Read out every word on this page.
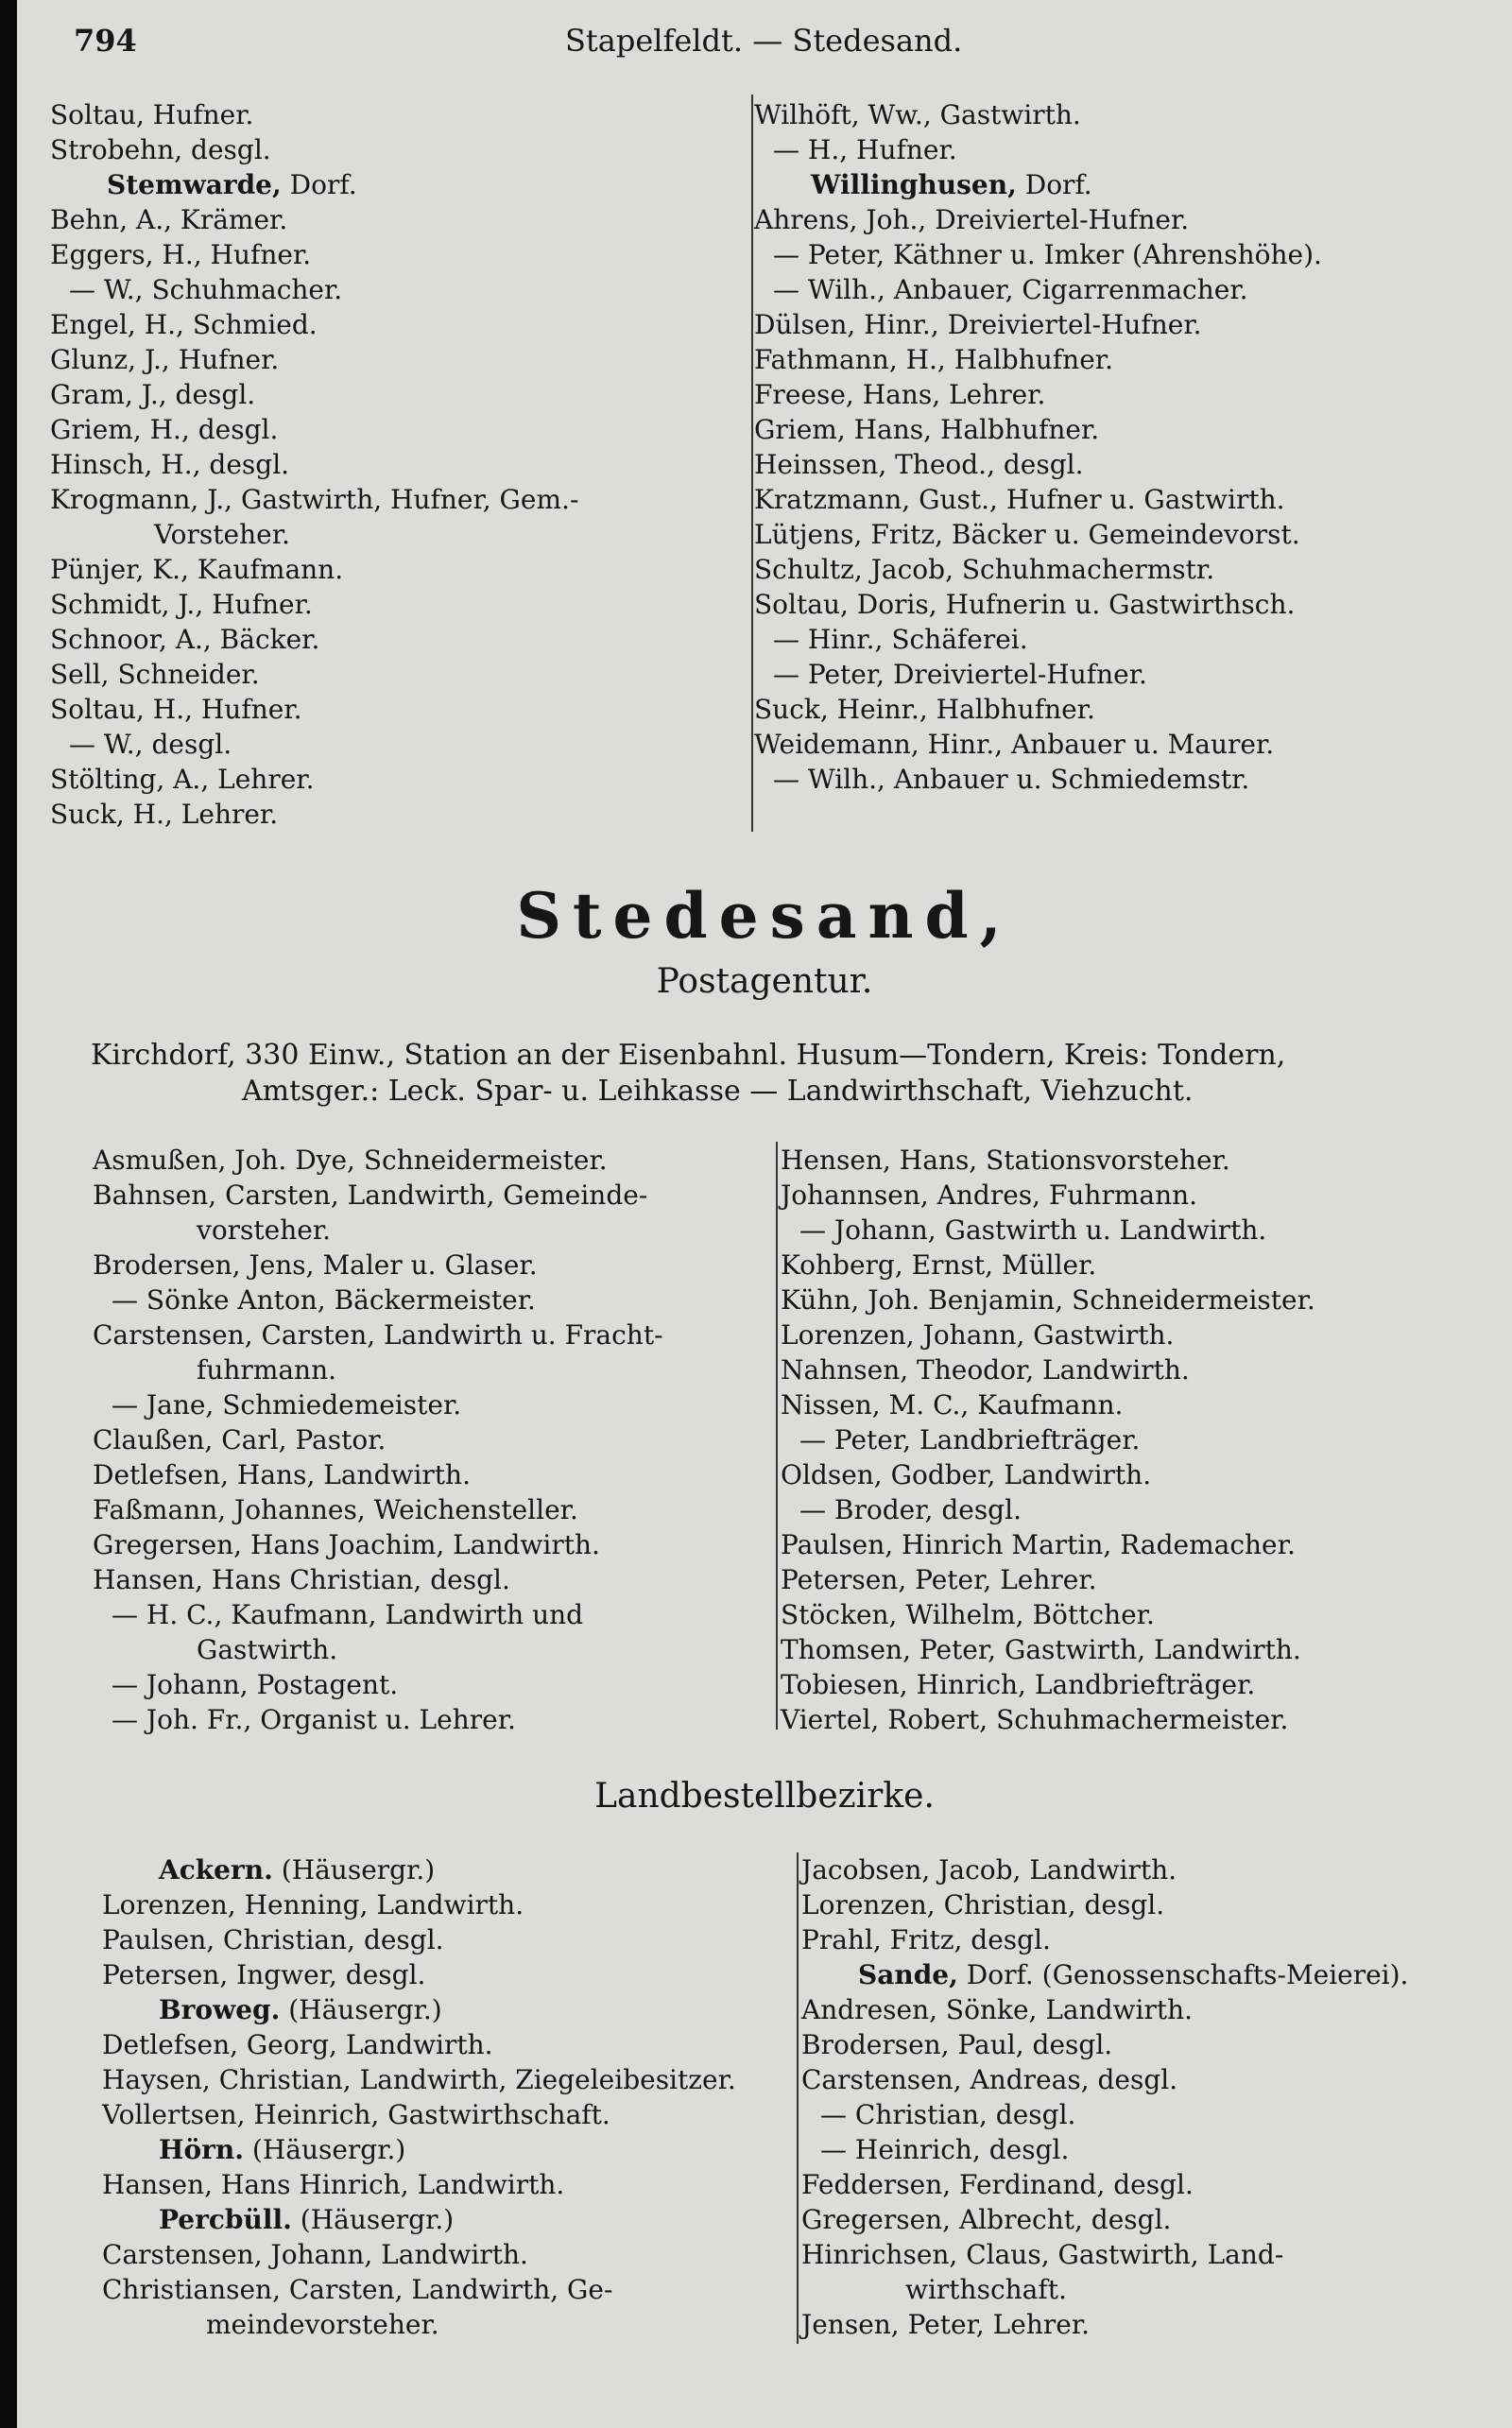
794	Stapelfeldt. — Stedesand.
Soltau, Hufner.
Strobehn, desgl.
Stemwarde, Dorf.
Behn, A., Krämer.
Eggers, H., Hufner.
— W., Schuhmacher.
Engel, H., Schmied.
Glunz, J., Hufner.
Gram, J., desgl.
Griem, H., desgl.
Hinsch, H., desgl.
Krogmann, J., Gastwirth, Hufner, Gem.-
Vorsteher.
Pünjer, K., Kaufmann.
Schmidt, J., Hufner.
Schnoor, A., Bäcker.
Sell, Schneider.
Soltau, H., Hufner.
— W., desgl.
Stölting, A., Lehrer.
Suck, H., Lehrer.
Wilhöft, Ww., Gastwirth.
— H., Hufner.
Willinghusen, Dorf.
Ahrens, Joh., Dreiviertel-Hufner.
— Peter, Käthner u. Imker (Ahrenshöhe).
— Wilh., Anbauer, Cigarrenmacher.
Dülsen, Hinr., Dreiviertel-Hufner.
Fathmann, H., Halbhufner.
Freese, Hans, Lehrer.
Griem, Hans, Halbhufner.
Heinssen, Theod., desgl.
Kratzmann, Gust., Hufner u. Gastwirth.
Lütjens, Fritz, Bäcker u. Gemeindevorst.
Schultz, Jacob, Schuhmachermstr.
Soltau, Doris, Hufnerin u. Gastwirthsch.
— Hinr., Schäferei.
— Peter, Dreiviertel-Hufner.
Suck, Heinr., Halbhufner.
Weidemann, Hinr., Anbauer u. Maurer.
— Wilh., Anbauer u. Schmiedemstr.
Stedesand,
Postagentur.
Kirchdorf, 330 Einw., Station an der Eisenbahnl. Husum—Tondern, Kreis: Tondern,
Amtsger.: Leck. Spar- u. Leihkasse — Landwirthschaft, Viehzucht.
Asmußen, Joh. Dye, Schneidermeister.
Bahnsen, Carsten, Landwirth, Gemeinde-
vorsteher.
Brodersen, Jens, Maler u. Glaser.
— Sönke Anton, Bäckermeister.
Carstensen, Carsten, Landwirth u. Fracht-
fuhrmann.
— Jane, Schmiedemeister.
Claußen, Carl, Pastor.
Detlefsen, Hans, Landwirth.
Faßmann, Johannes, Weichensteller.
Gregersen, Hans Joachim, Landwirth.
Hansen, Hans Christian, desgl.
— H. C., Kaufmann, Landwirth und
Gastwirth.
— Johann, Postagent.
— Joh. Fr., Organist u. Lehrer.
Hensen, Hans, Stationsvorsteher.
Johannsen, Andres, Fuhrmann.
— Johann, Gastwirth u. Landwirth.
Kohberg, Ernst, Müller.
Kühn, Joh. Benjamin, Schneidermeister.
Lorenzen, Johann, Gastwirth.
Nahnsen, Theodor, Landwirth.
Nissen, M. C., Kaufmann.
— Peter, Landbriefträger.
Oldsen, Godber, Landwirth.
— Broder, desgl.
Paulsen, Hinrich Martin, Rademacher.
Petersen, Peter, Lehrer.
Stöcken, Wilhelm, Böttcher.
Thomsen, Peter, Gastwirth, Landwirth.
Tobiesen, Hinrich, Landbriefträger.
Viertel, Robert, Schuhmachermeister.
Landbestellbezirke.
Ackern. (Häusergr.)
Lorenzen, Henning, Landwirth.
Paulsen, Christian, desgl.
Petersen, Ingwer, desgl.
Broweg. (Häusergr.)
Detlefsen, Georg, Landwirth.
Haysen, Christian, Landwirth, Ziegeleibesitzer.
Vollertsen, Heinrich, Gastwirthschaft.
Hörn. (Häusergr.)
Hansen, Hans Hinrich, Landwirth.
Percbüll. (Häusergr.)
Carstensen, Johann, Landwirth.
Christiansen, Carsten, Landwirth, Ge-
meindevorsteher.
Jacobsen, Jacob, Landwirth.
Lorenzen, Christian, desgl.
Prahl, Fritz, desgl.
Sande, Dorf. (Genossenschafts-Meierei).
Andresen, Sönke, Landwirth.
Brodersen, Paul, desgl.
Carstensen, Andreas, desgl.
— Christian, desgl.
— Heinrich, desgl.
Feddersen, Ferdinand, desgl.
Gregersen, Albrecht, desgl.
Hinrichsen, Claus, Gastwirth, Land-
wirthschaft.
Jensen, Peter, Lehrer.
